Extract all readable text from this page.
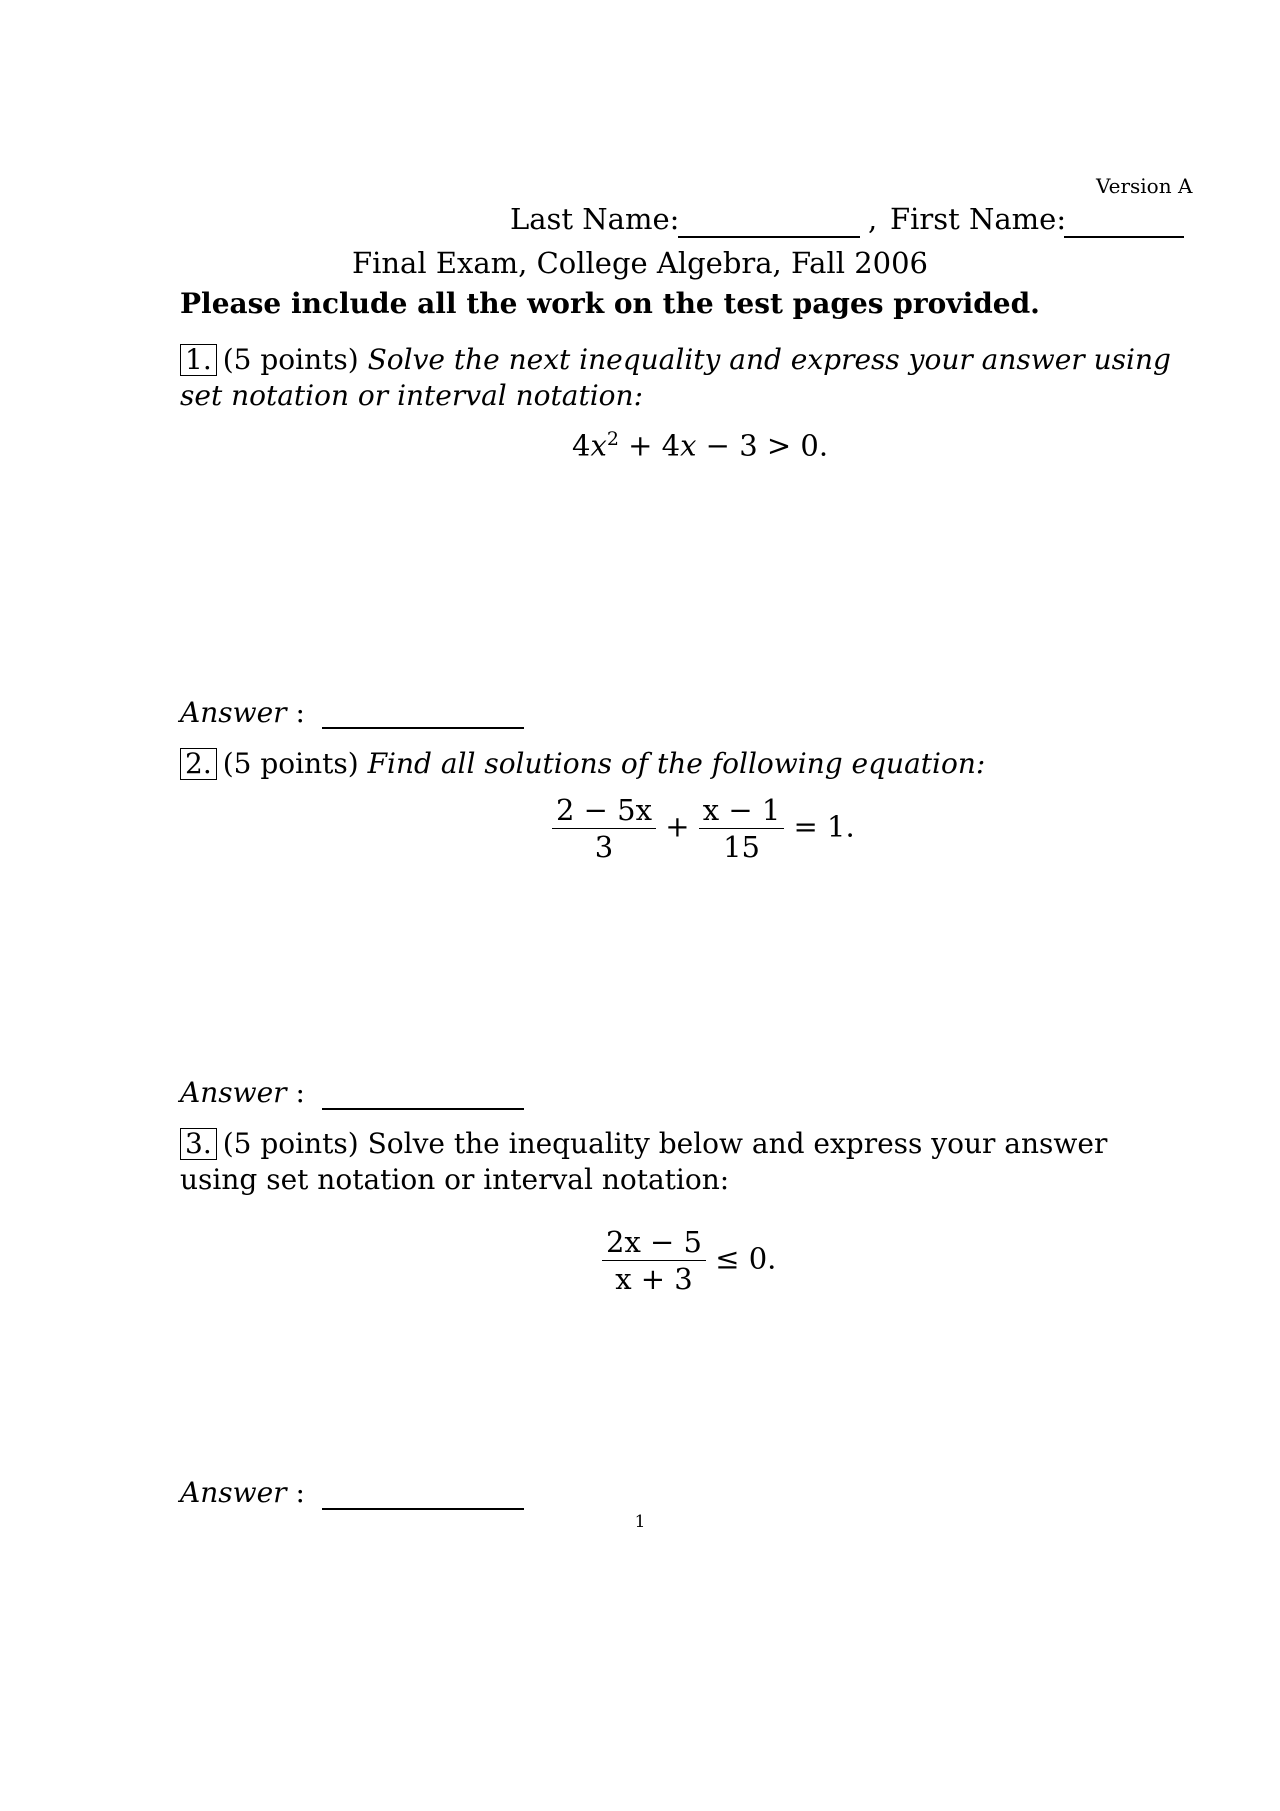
Version A
Last Name:	, First Name:
Final Exam, College Algebra, Fall 2006
Please include all the work on the test pages provided.
1. (5 points) Solve the next inequality and express your answer using set notation or interval notation:
$4x^2 + 4x - 3 > 0$.
Answer :
2. (5 points) Find all solutions of the following equation:
$\frac{2 - 5x}{3} + \frac{x - 1}{15} = 1$.
Answer :
3. (5 points) Solve the inequality below and express your answer using set notation or interval notation:
$\frac{2x - 5}{x + 3} \le 0$.
Answer :
1
